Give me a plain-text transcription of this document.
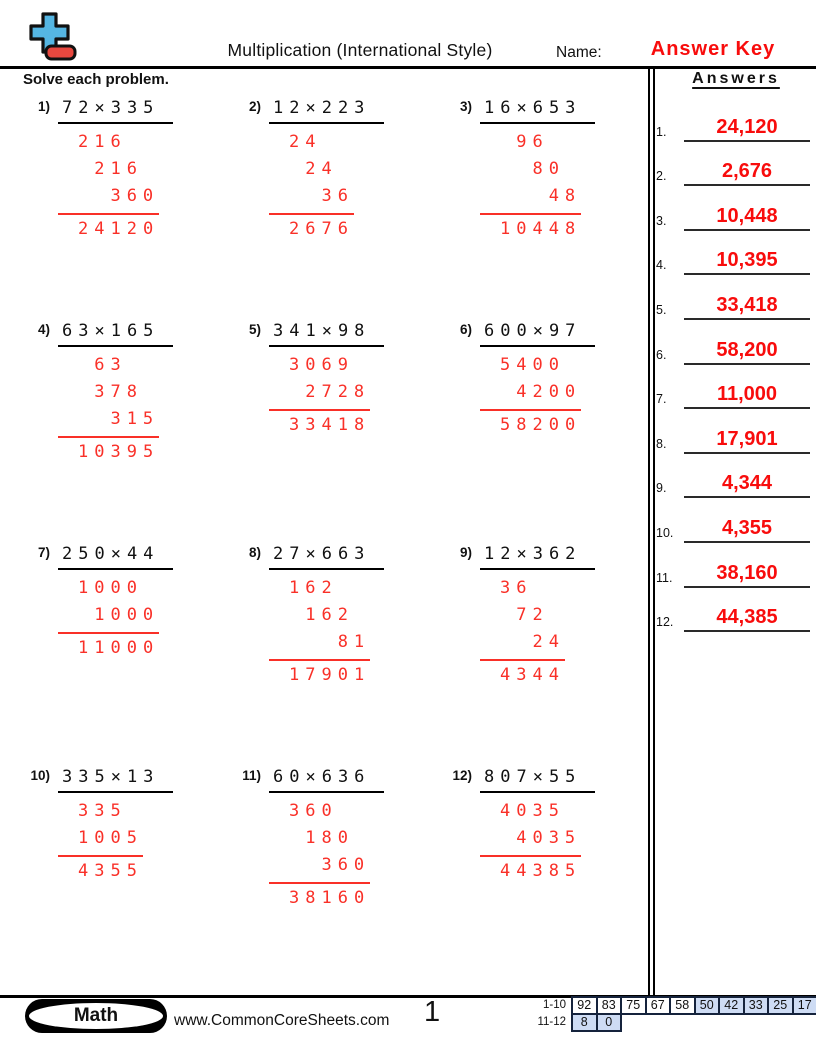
Multiplication (International Style)	Name:	Answer Key
Solve each problem.
1) 72×335
216
216
360
24120
2) 12×223
24
24
36
2676
3) 16×653
96
80
48
10448
4) 63×165
63
378
315
10395
5) 341×98
3069
2728
33418
6) 600×97
5400
4200
58200
7) 250×44
1000
1000
11000
8) 27×663
162
162
81
17901
9) 12×362
36
72
24
4344
10) 335×13
335
1005
4355
11) 60×636
360
180
360
38160
12) 807×55
4035
4035
44385
Answers
1.	24,120
2.	2,676
3.	10,448
4.	10,395
5.	33,418
6.	58,200
7.	11,000
8.	17,901
9.	4,344
10.	4,355
11.	38,160
12.	44,385
Math	www.CommonCoreSheets.com 1	1-10 92 83 75 67 58 50 42 33 25 17
11-12	8	0
